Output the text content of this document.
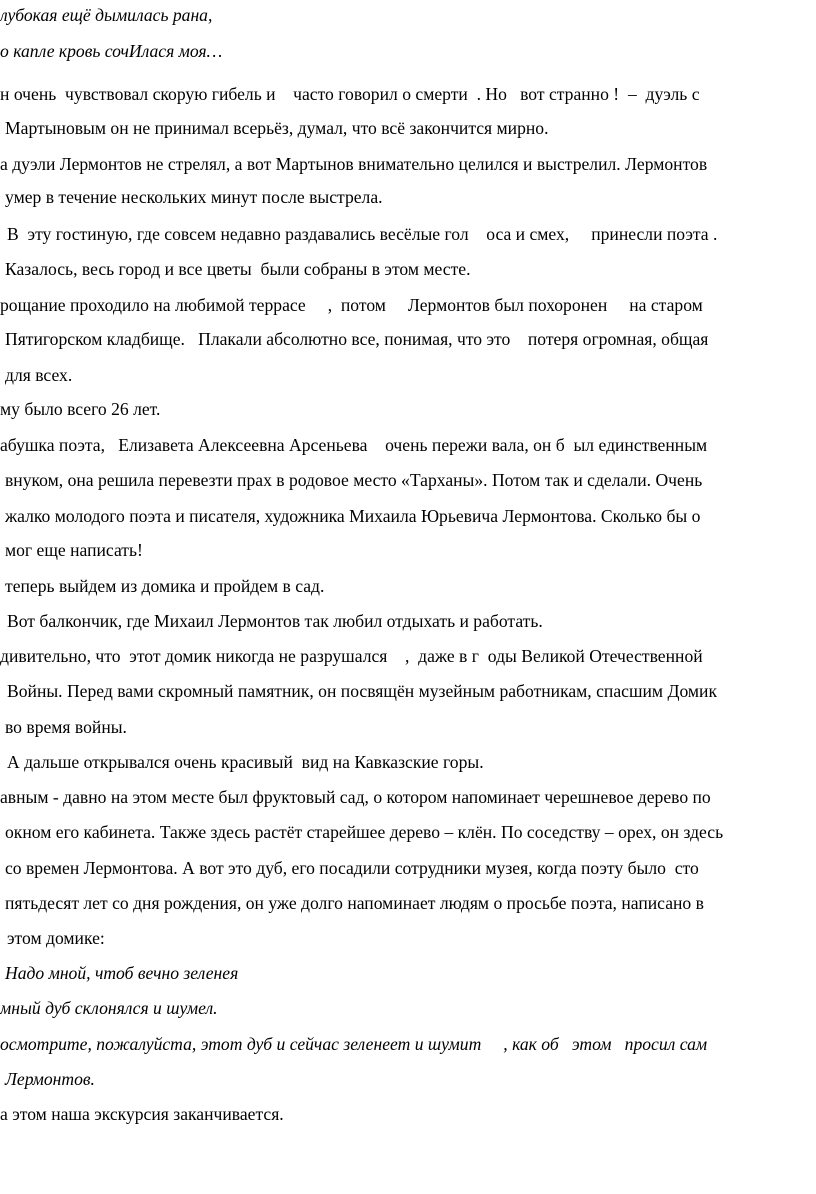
лубокая ещё дымилась рана,

о капле кровь сочИлася моя…

н очень  чувствовал скорую гибель и    часто говорил о смерти  . Но   вот странно !  –  дуэль с

Мартыновым он не принимал всерьёз, думал, что всё закончится мирно.

а дуэли Лермонтов не стрелял, а вот Мартынов внимательно целился и выстрелил. Лермонтов

умер в течение нескольких минут после выстрела.

В  эту гостиную, где совсем недавно раздавались весёлые гол    оса и смех,     принесли поэта .

Казалось, весь город и все цветы  были собраны в этом месте.

рощание проходило на любимой террасе     ,  потом     Лермонтов был похоронен     на старом

Пятигорском кладбище.   Плакали абсолютно все, понимая, что это    потеря огромная, общая

для всех.

му было всего 26 лет.

абушка поэта,   Елизавета Алексеевна Арсеньева    очень пережи вала, он б  ыл единственным

внуком, она решила перевезти прах в родовое место «Тарханы». Потом так и сделали. Очень

жалко молодого поэта и писателя, художника Михаила Юрьевича Лермонтова. Сколько бы о

мог еще написать!

теперь выйдем из домика и пройдем в сад.

Вот балкончик, где Михаил Лермонтов так любил отдыхать и работать.

дивительно, что  этот домик никогда не разрушался    ,  даже в г  оды Великой Отечественной

Войны. Перед вами скромный памятник, он посвящён музейным работникам, спасшим Домик

во время войны.

А дальше открывался очень красивый  вид на Кавказские горы.

авным - давно на этом месте был фруктовый сад, о котором напоминает черешневое дерево по

окном его кабинета. Также здесь растёт старейшее дерево – клён. По соседству – орех, он здесь

со времен Лермонтова. А вот это дуб, его посадили сотрудники музея, когда поэту было  сто

пятьдесят лет со дня рождения, он уже долго напоминает людям о просьбе поэта, написано в

этом домике:

Надо мной, чтоб вечно зеленея

мный дуб склонялся и шумел.

осмотрите, пожалуйста, этот дуб и сейчас зеленеет и шумит     , как об   этом   просил сам

Лермонтов.

а этом наша экскурсия заканчивается.
